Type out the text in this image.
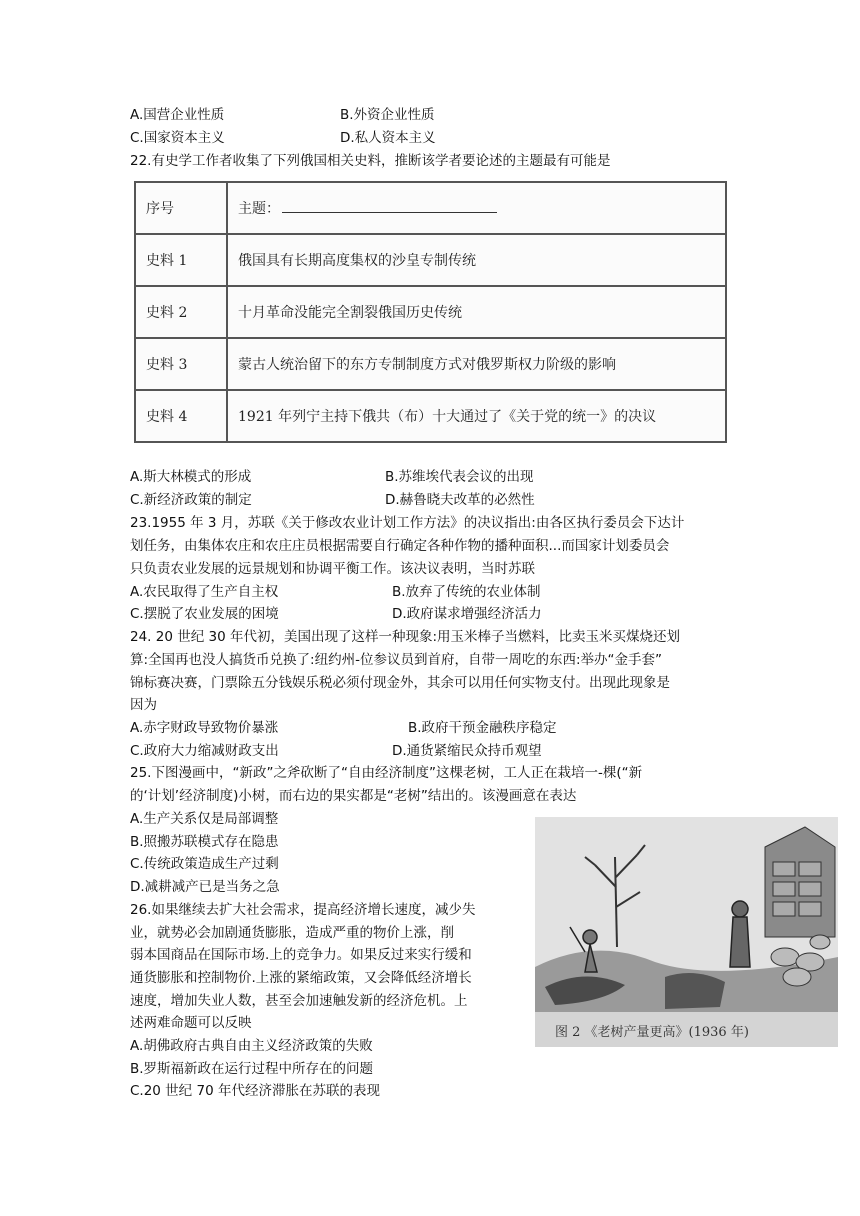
A.国营企业性质	B.外资企业性质
C.国家资本主义	D.私人资本主义
22.有史学工作者收集了下列俄国相关史料，推断该学者要论述的主题最有可能是
序号	主题：
史料 1	俄国具有长期高度集权的沙皇专制传统
史料 2	十月革命没能完全割裂俄国历史传统
史料 3	蒙古人统治留下的东方专制制度方式对俄罗斯权力阶级的影响
史料 4	1921 年列宁主持下俄共（布）十大通过了《关于党的统一》的决议
A.斯大林模式的形成	B.苏维埃代表会议的出现
C.新经济政策的制定	D.赫鲁晓夫改革的必然性
23.1955 年 3 月，苏联《关于修改农业计划工作方法》的决议指出:由各区执行委员会下达计
划任务，由集体农庄和农庄庄员根据需要自行确定各种作物的播种面积...而国家计划委员会
只负责农业发展的远景规划和协调平衡工作。该决议表明，当时苏联
A.农民取得了生产自主权	B.放弃了传统的农业体制
C.摆脱了农业发展的困境	D.政府谋求增强经济活力
24. 20 世纪 30 年代初，美国出现了这样一种现象:用玉米棒子当燃料，比卖玉米买煤烧还划
算:全国再也没人搞货币兑换了:纽约州-位参议员到首府，自带一周吃的东西:举办“金手套”
锦标赛决赛，门票除五分钱娱乐税必须付现金外，其余可以用任何实物支付。出现此现象是
因为
A.赤字财政导致物价暴涨	B.政府干预金融秩序稳定
C.政府大力缩减财政支出	D.通货紧缩民众持币观望
25.下图漫画中，“新政”之斧砍断了“自由经济制度”这棵老树，工人正在栽培一-棵(“新
的‘计划’经济制度)小树，而右边的果实都是“老树”结出的。该漫画意在表达
A.生产关系仅是局部调整
B.照搬苏联模式存在隐患
C.传统政策造成生产过剩
D.减耕减产已是当务之急
图 2 《老树产量更高》(1936 年)
26.如果继续去扩大社会需求，提高经济增长速度，减少失
业，就势必会加剧通货膨胀，造成严重的物价上涨，削
弱本国商品在国际市场.上的竞争力。如果反过来实行缓和
通货膨胀和控制物价.上涨的紧缩政策，又会降低经济增长
速度，增加失业人数，甚至会加速触发新的经济危机。上
述两难命题可以反映
A.胡佛政府古典自由主义经济政策的失败
B.罗斯福新政在运行过程中所存在的问题
C.20 世纪 70 年代经济滞胀在苏联的表现
